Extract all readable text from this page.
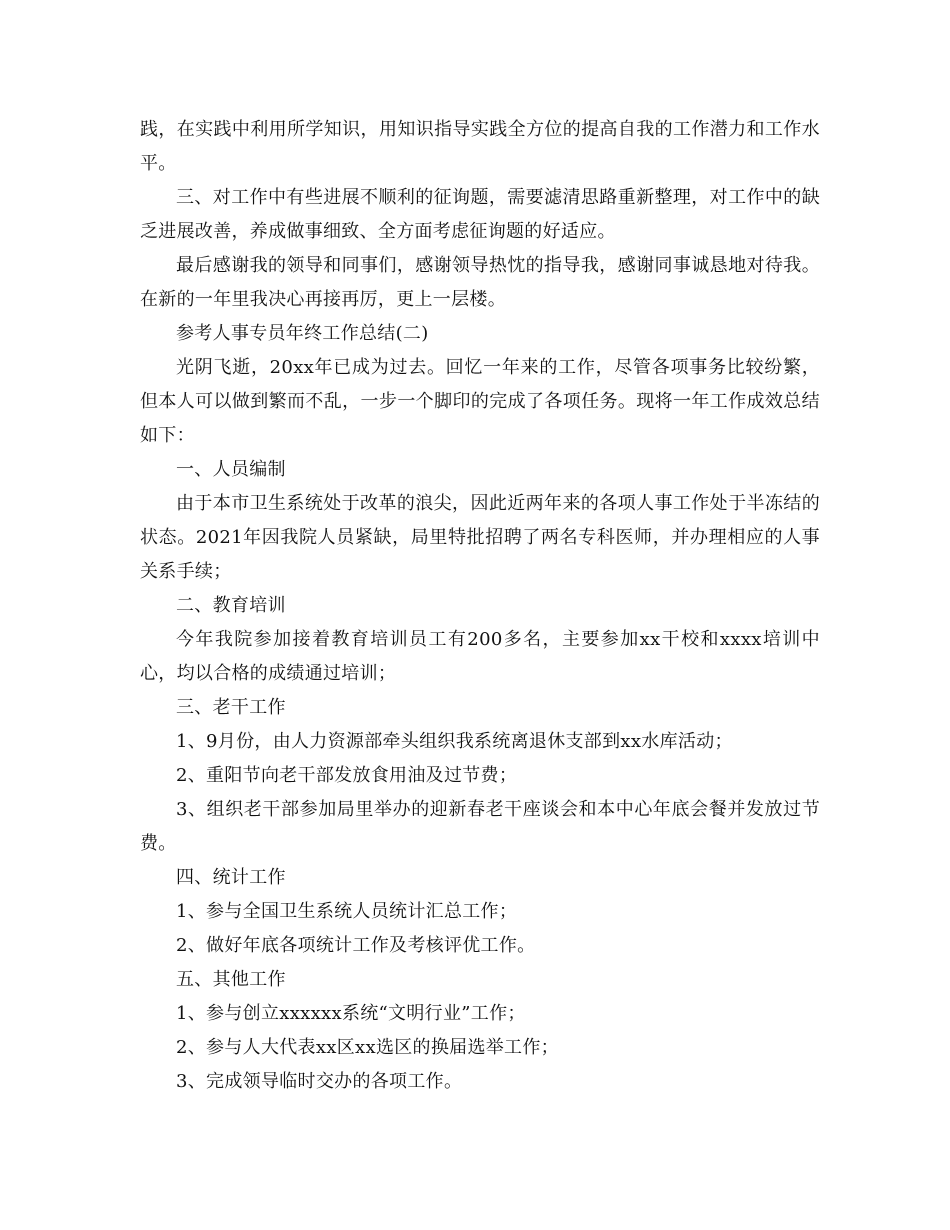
践，在实践中利用所学知识，用知识指导实践全方位的提高自我的工作潜力和工作水平。

三、对工作中有些进展不顺利的征询题，需要滤清思路重新整理，对工作中的缺乏进展改善，养成做事细致、全方面考虑征询题的好适应。

最后感谢我的领导和同事们，感谢领导热忱的指导我，感谢同事诚恳地对待我。在新的一年里我决心再接再厉，更上一层楼。

参考人事专员年终工作总结(二)

光阴飞逝，20xx年已成为过去。回忆一年来的工作，尽管各项事务比较纷繁，但本人可以做到繁而不乱，一步一个脚印的完成了各项任务。现将一年工作成效总结如下：

一、人员编制

由于本市卫生系统处于改革的浪尖，因此近两年来的各项人事工作处于半冻结的状态。2021年因我院人员紧缺，局里特批招聘了两名专科医师，并办理相应的人事关系手续；

二、教育培训

今年我院参加接着教育培训员工有200多名，主要参加xx干校和xxxx培训中心，均以合格的成绩通过培训；

三、老干工作

1、9月份，由人力资源部牵头组织我系统离退休支部到xx水库活动；

2、重阳节向老干部发放食用油及过节费；

3、组织老干部参加局里举办的迎新春老干座谈会和本中心年底会餐并发放过节费。

四、统计工作

1、参与全国卫生系统人员统计汇总工作；

2、做好年底各项统计工作及考核评优工作。

五、其他工作

1、参与创立xxxxxx系统“文明行业”工作；

2、参与人大代表xx区xx选区的换届选举工作；

3、完成领导临时交办的各项工作。
